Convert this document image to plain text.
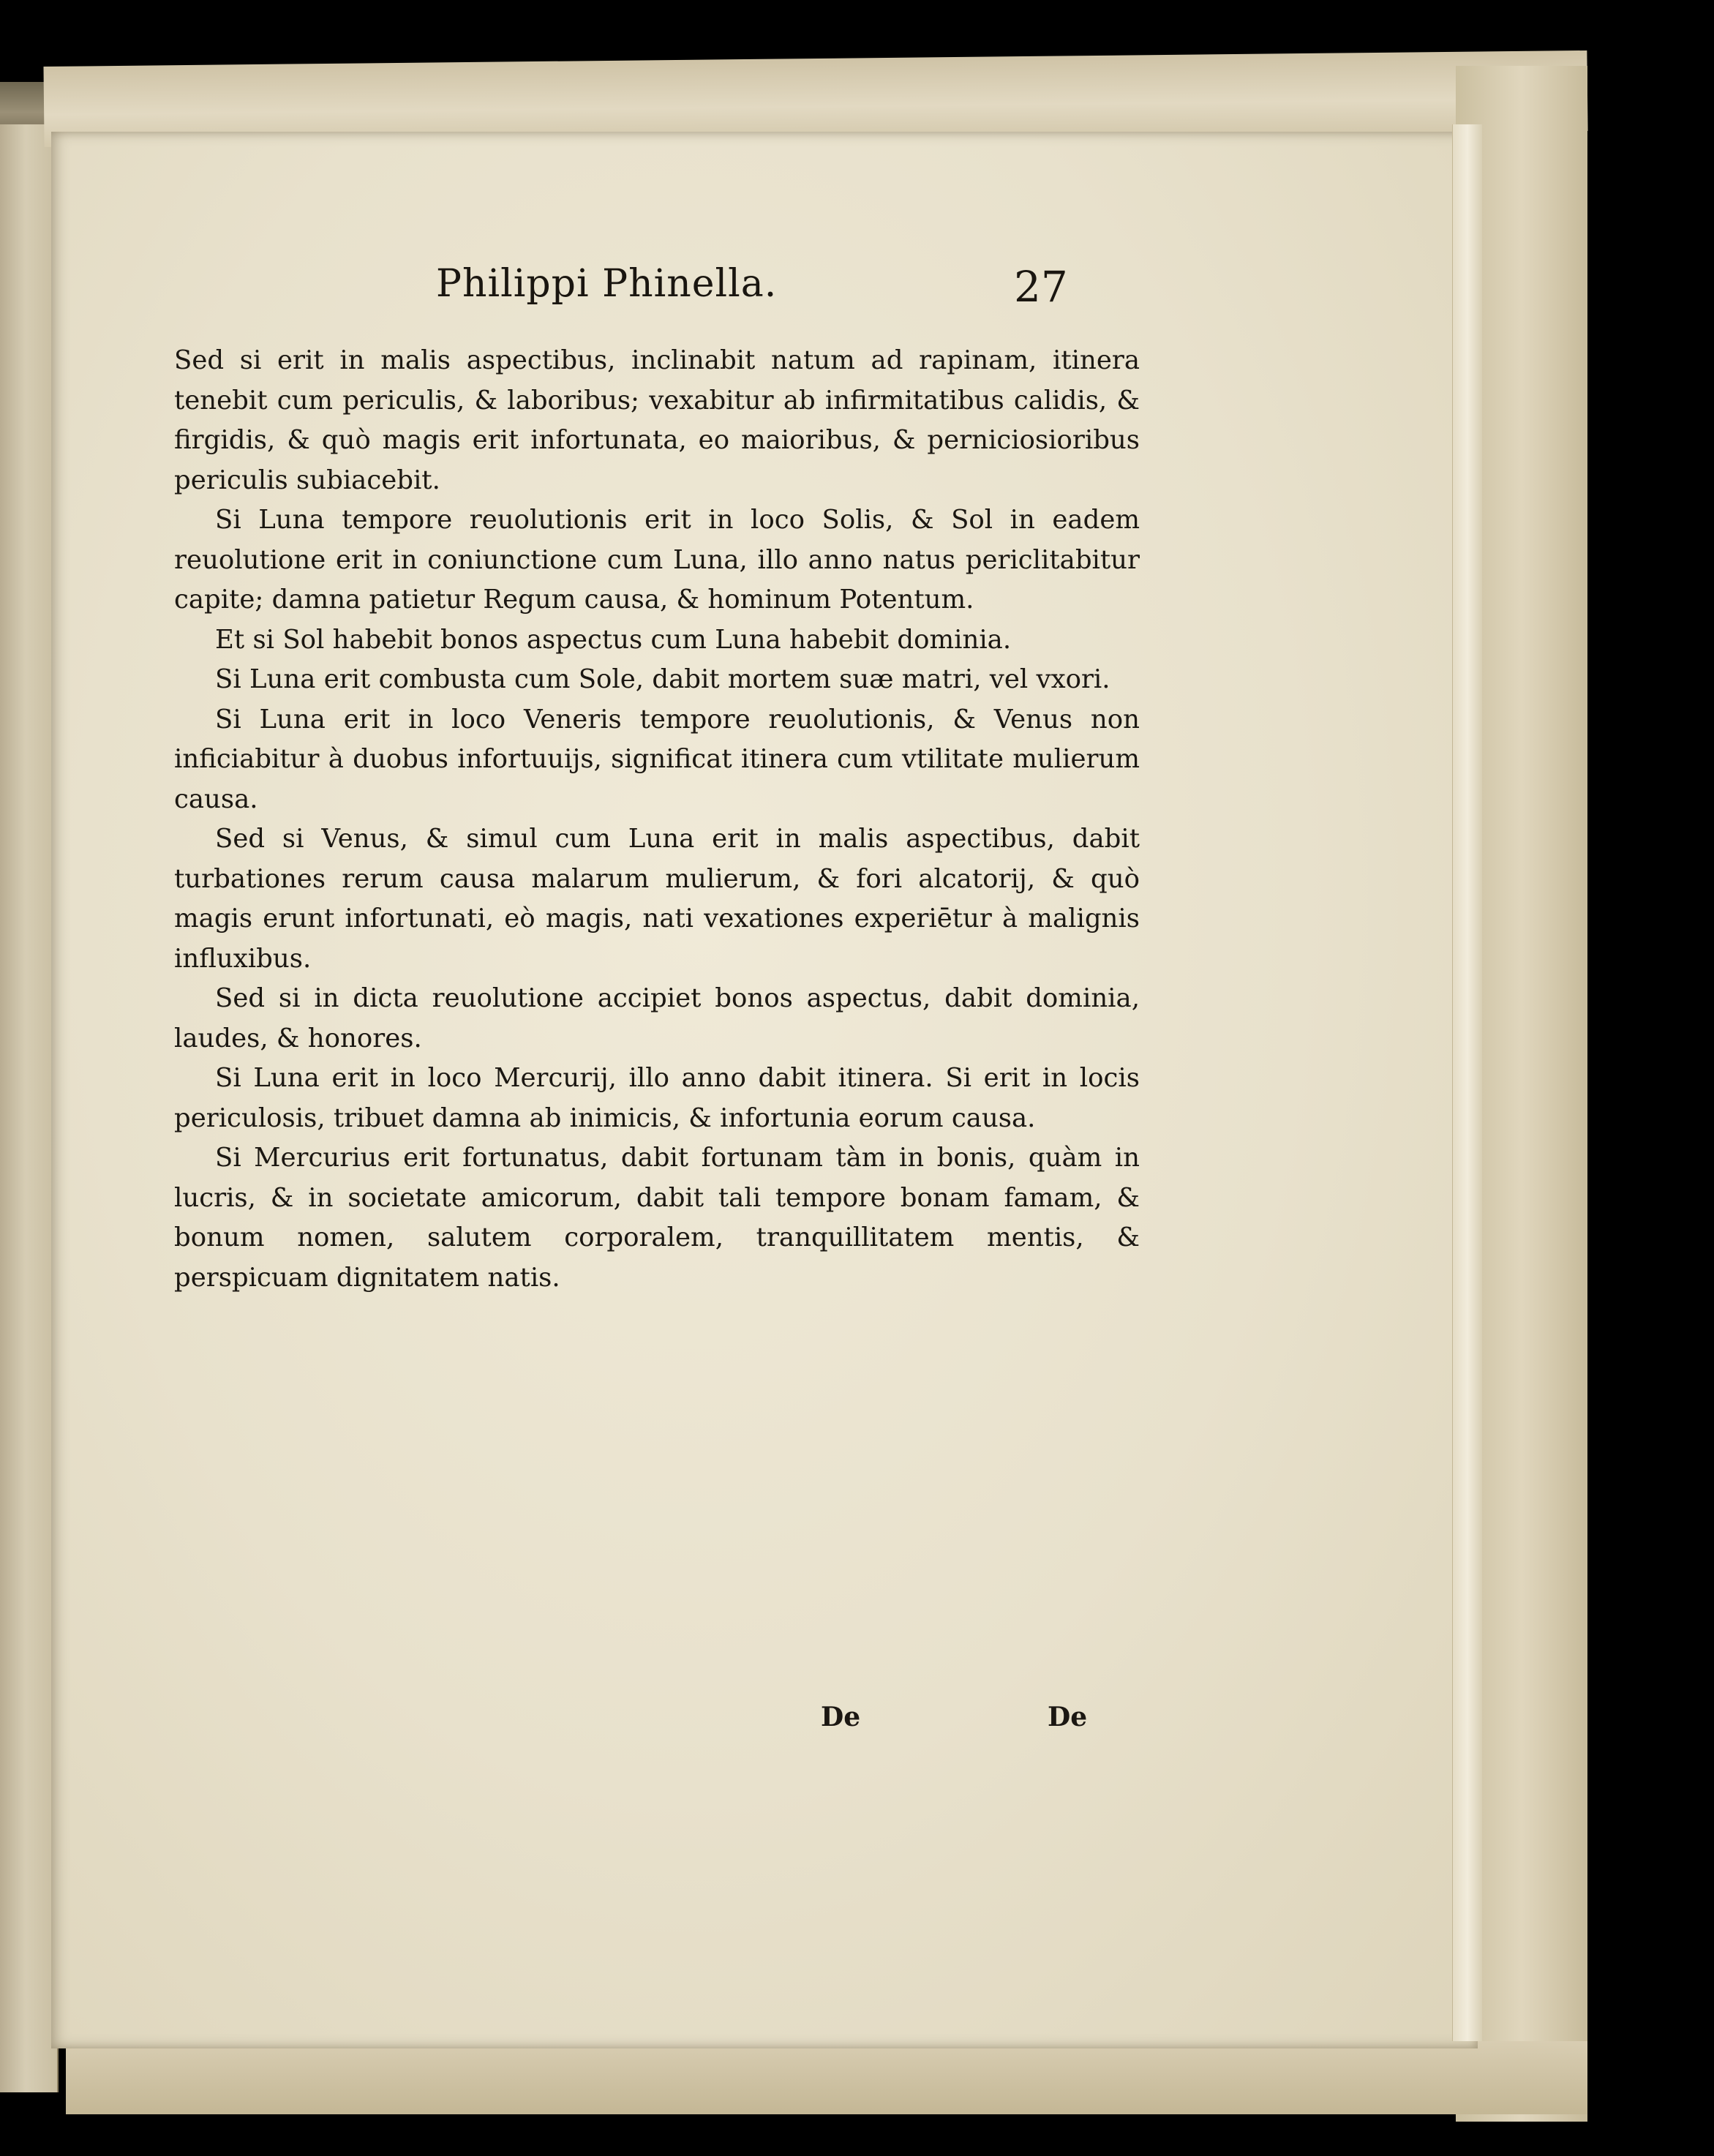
Philippi Phinella.	27

Sed si erit in malis aspectibus, inclinabit natum ad rapinam, itinera tenebit cum periculis, & laboribus; vexabitur ab infirmitatibus calidis, & firgidis, & quò magis erit infortunata, eo maioribus, & perniciosioribus periculis subiacebit.

Si Luna tempore reuolutionis erit in loco Solis, & Sol in eadem reuolutione erit in coniunctione cum Luna, illo anno natus periclitabitur capite; damna patietur Regum causa, & hominum Potentum.

Et si Sol habebit bonos aspectus cum Luna habebit dominia.

Si Luna erit combusta cum Sole, dabit mortem suæ matri, vel vxori.

Si Luna erit in loco Veneris tempore reuolutionis, & Venus non inficiabitur à duobus infortuuijs, significat itinera cum vtilitate mulierum causa.

Sed si Venus, & simul cum Luna erit in malis aspectibus, dabit turbationes rerum causa malarum mulierum, & fori alcatorij, & quò magis erunt infortunati, eò magis, nati vexationes experiētur à malignis influxibus.

Sed si in dicta reuolutione accipiet bonos aspectus, dabit dominia, laudes, & honores.

Si Luna erit in loco Mercurij, illo anno dabit itinera. Si erit in locis periculosis, tribuet damna ab inimicis, & infortunia eorum causa.

Si Mercurius erit fortunatus, dabit fortunam tàm in bonis, quàm in lucris, & in societate amicorum, dabit tali tempore bonam famam, & bonum nomen, salutem corporalem, tranquillitatem mentis, & perspicuam dignitatem natis.

De	De
